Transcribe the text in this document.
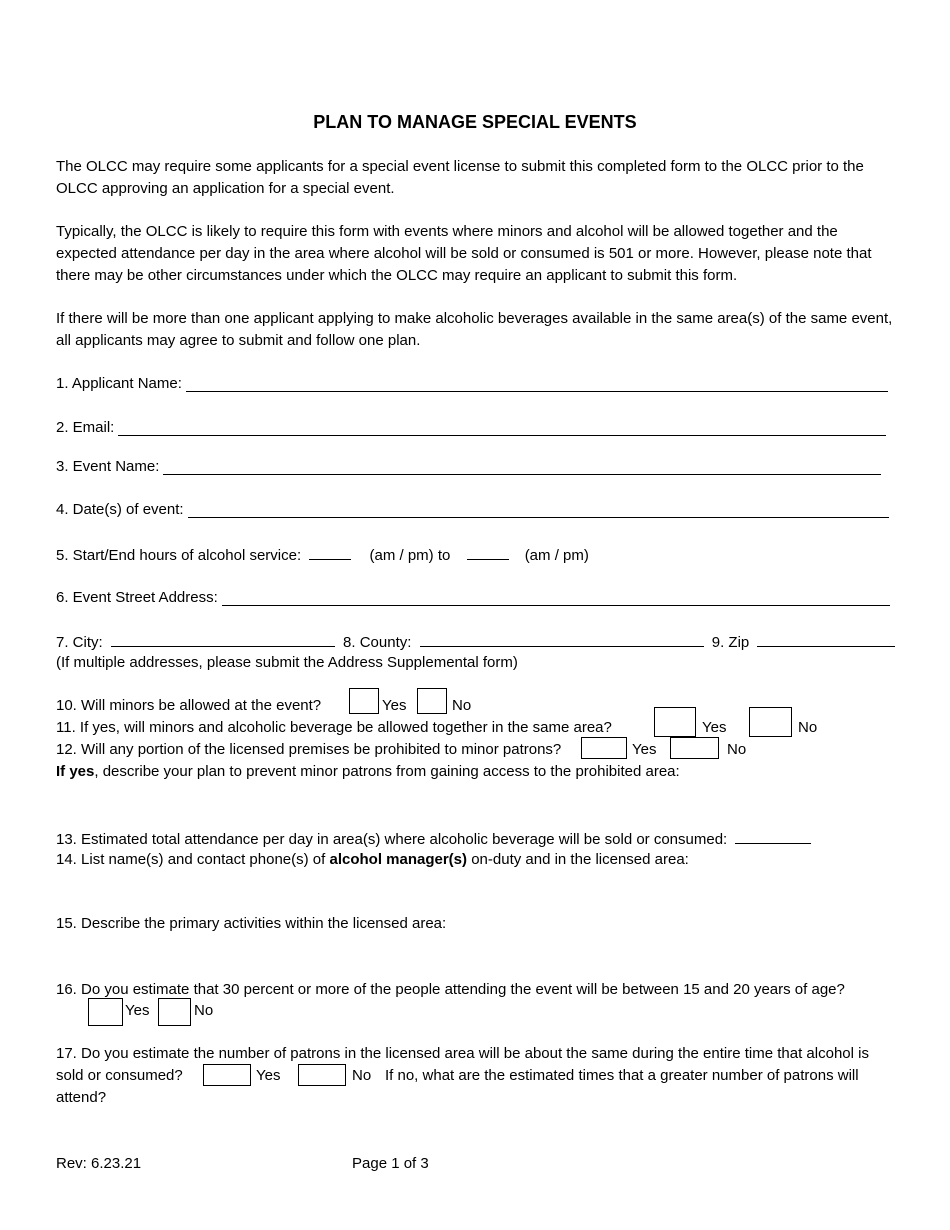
PLAN TO MANAGE SPECIAL EVENTS
The OLCC may require some applicants for a special event license to submit this completed form to the OLCC prior to the OLCC approving an application for a special event.
Typically, the OLCC is likely to require this form with events where minors and alcohol will be allowed together and the expected attendance per day in the area where alcohol will be sold or consumed is 501 or more. However, please note that there may be other circumstances under which the OLCC may require an applicant to submit this form.
If there will be more than one applicant applying to make alcoholic beverages available in the same area(s) of the same event, all applicants may agree to submit and follow one plan.
1. Applicant Name:
2. Email:
3. Event Name:
4. Date(s) of event:
5. Start/End hours of alcohol service:	(am / pm) to	(am / pm)
6. Event Street Address:
7. City:	8. County:	9. Zip
(If multiple addresses, please submit the Address Supplemental form)
10. Will minors be allowed at the event?	Yes	No
11. If yes, will minors and alcoholic beverage be allowed together in the same area?	Yes	No
12. Will any portion of the licensed premises be prohibited to minor patrons?	Yes	No
If yes, describe your plan to prevent minor patrons from gaining access to the prohibited area:
13. Estimated total attendance per day in area(s) where alcoholic beverage will be sold or consumed:
14. List name(s) and contact phone(s) of alcohol manager(s) on-duty and in the licensed area:
15. Describe the primary activities within the licensed area:
16. Do you estimate that 30 percent or more of the people attending the event will be between 15 and 20 years of age?
Yes	No
17. Do you estimate the number of patrons in the licensed area will be about the same during the entire time that alcohol is
sold or consumed?	Yes	No If no, what are the estimated times that a greater number of patrons will
attend?
Rev: 6.23.21	Page 1 of 3
